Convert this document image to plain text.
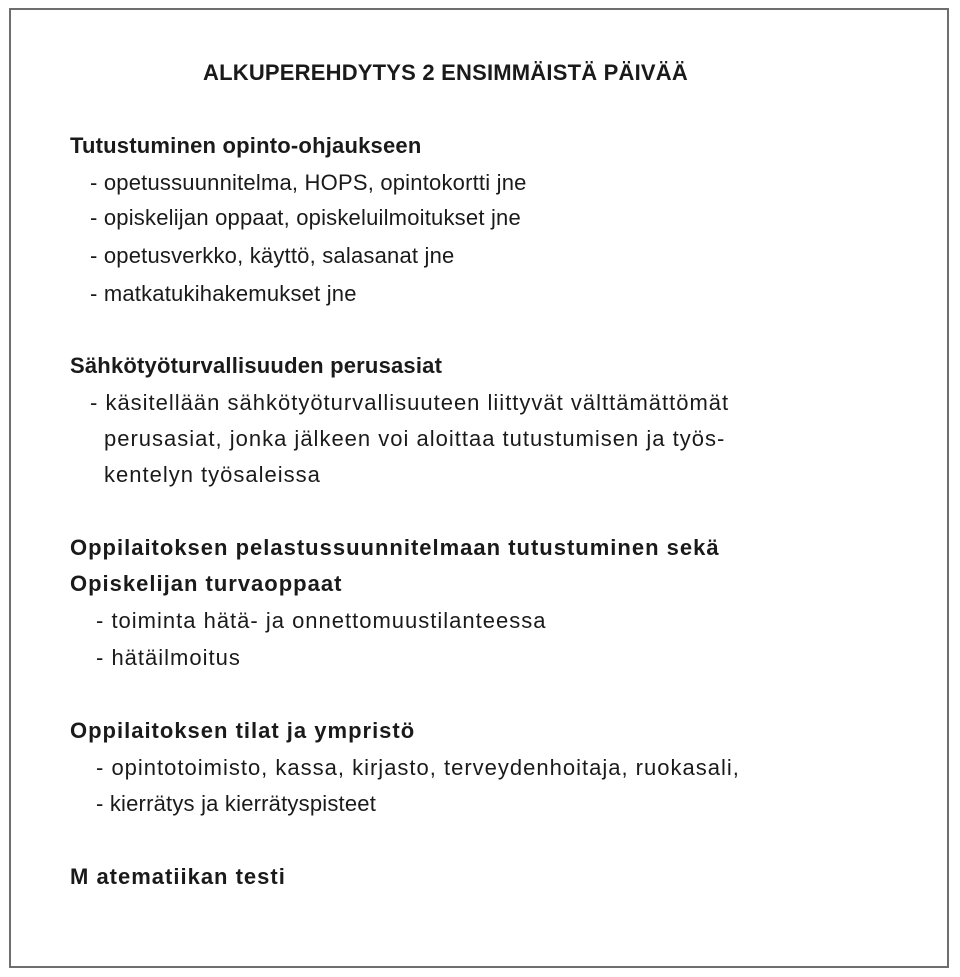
ALKUPEREHDYTYS 2 ENSIMMÄISTÄ PÄIVÄÄ
Tutustuminen opinto-ohjaukseen
- opetussuunnitelma, HOPS, opintokortti jne
- opiskelijan oppaat, opiskeluilmoitukset jne
- opetusverkko, käyttö, salasanat jne
- matkatukihakemukset jne
Sähkötyöturvallisuuden perusasiat
- käsitellään sähkötyöturvallisuuteen liittyvät välttämättömät
perusasiat, jonka jälkeen voi aloittaa tutustumisen ja työs-
kentelyn työsaleissa
Oppilaitoksen pelastussuunnitelmaan tutustuminen sekä
Opiskelijan turvaoppaat
- toiminta hätä- ja onnettomuustilanteessa
- hätäilmoitus
Oppilaitoksen tilat ja ympristö
- opintotoimisto, kassa, kirjasto, terveydenhoitaja, ruokasali,
- kierrätys ja kierrätyspisteet
M atematiikan testi
